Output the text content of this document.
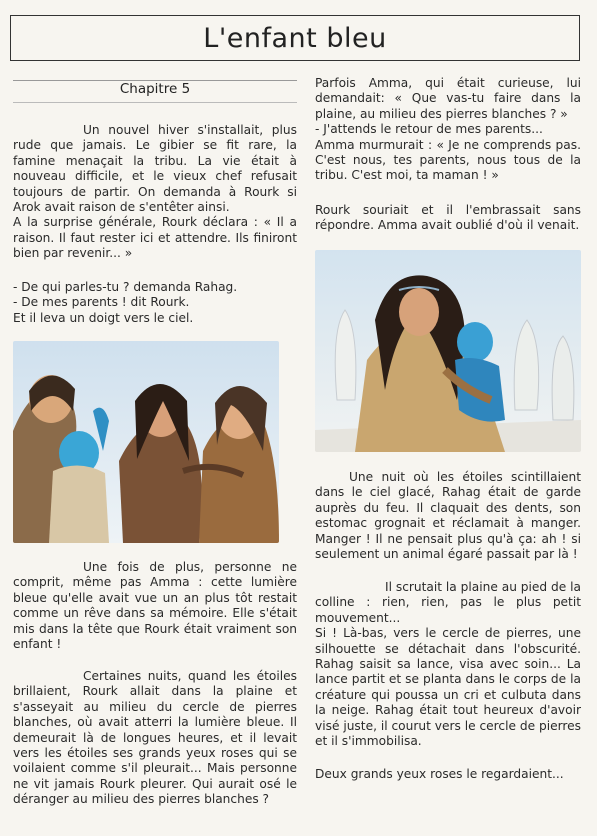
L'enfant bleu
Chapitre 5

Un nouvel hiver s'installait, plus rude que jamais. Le gibier se fit rare, la famine menaçait la tribu. La vie était à nouveau difficile, et le vieux chef refusait toujours de partir. On demanda à Rourk si Arok avait raison de s'entêter ainsi.

A la surprise générale, Rourk déclara : « Il a raison. Il faut rester ici et attendre. Ils finiront bien par revenir... »

- De qui parles-tu ? demanda Rahag.

- De mes parents ! dit Rourk.

Et il leva un doigt vers le ciel.

Une fois de plus, personne ne comprit, même pas Amma : cette lumière bleue qu'elle avait vue un an plus tôt restait comme un rêve dans sa mémoire. Elle s'était mis dans la tête que Rourk était vraiment son enfant !

Certaines nuits, quand les étoiles brillaient, Rourk allait dans la plaine et s'asseyait au milieu du cercle de pierres blanches, où avait atterri la lumière bleue. Il demeurait là de longues heures, et il levait vers les étoiles ses grands yeux roses qui se voilaient comme s'il pleurait... Mais personne ne vit jamais Rourk pleurer. Qui aurait osé le déranger au milieu des pierres blanches ?

Parfois Amma, qui était curieuse, lui demandait: « Que vas-tu faire dans la plaine, au milieu des pierres blanches ? »

- J'attends le retour de mes parents...

Amma murmurait : « Je ne comprends pas. C'est nous, tes parents, nous tous de la tribu. C'est moi, ta maman ! »

Rourk souriait et il l'embrassait sans répondre. Amma avait oublié d'où il venait.

Une nuit où les étoiles scintillaient dans le ciel glacé, Rahag était de garde auprès du feu. Il claquait des dents, son estomac grognait et réclamait à manger. Manger ! Il ne pensait plus qu'à ça: ah ! si seulement un animal égaré passait par là !

Il scrutait la plaine au pied de la colline : rien, rien, pas le plus petit mouvement...

Si ! Là-bas, vers le cercle de pierres, une silhouette se détachait dans l'obscurité. Rahag saisit sa lance, visa avec soin... La lance partit et se planta dans le corps de la créature qui poussa un cri et culbuta dans la neige. Rahag était tout heureux d'avoir visé juste, il courut vers le cercle de pierres et il s'immobilisa.

Deux grands yeux roses le regardaient...
